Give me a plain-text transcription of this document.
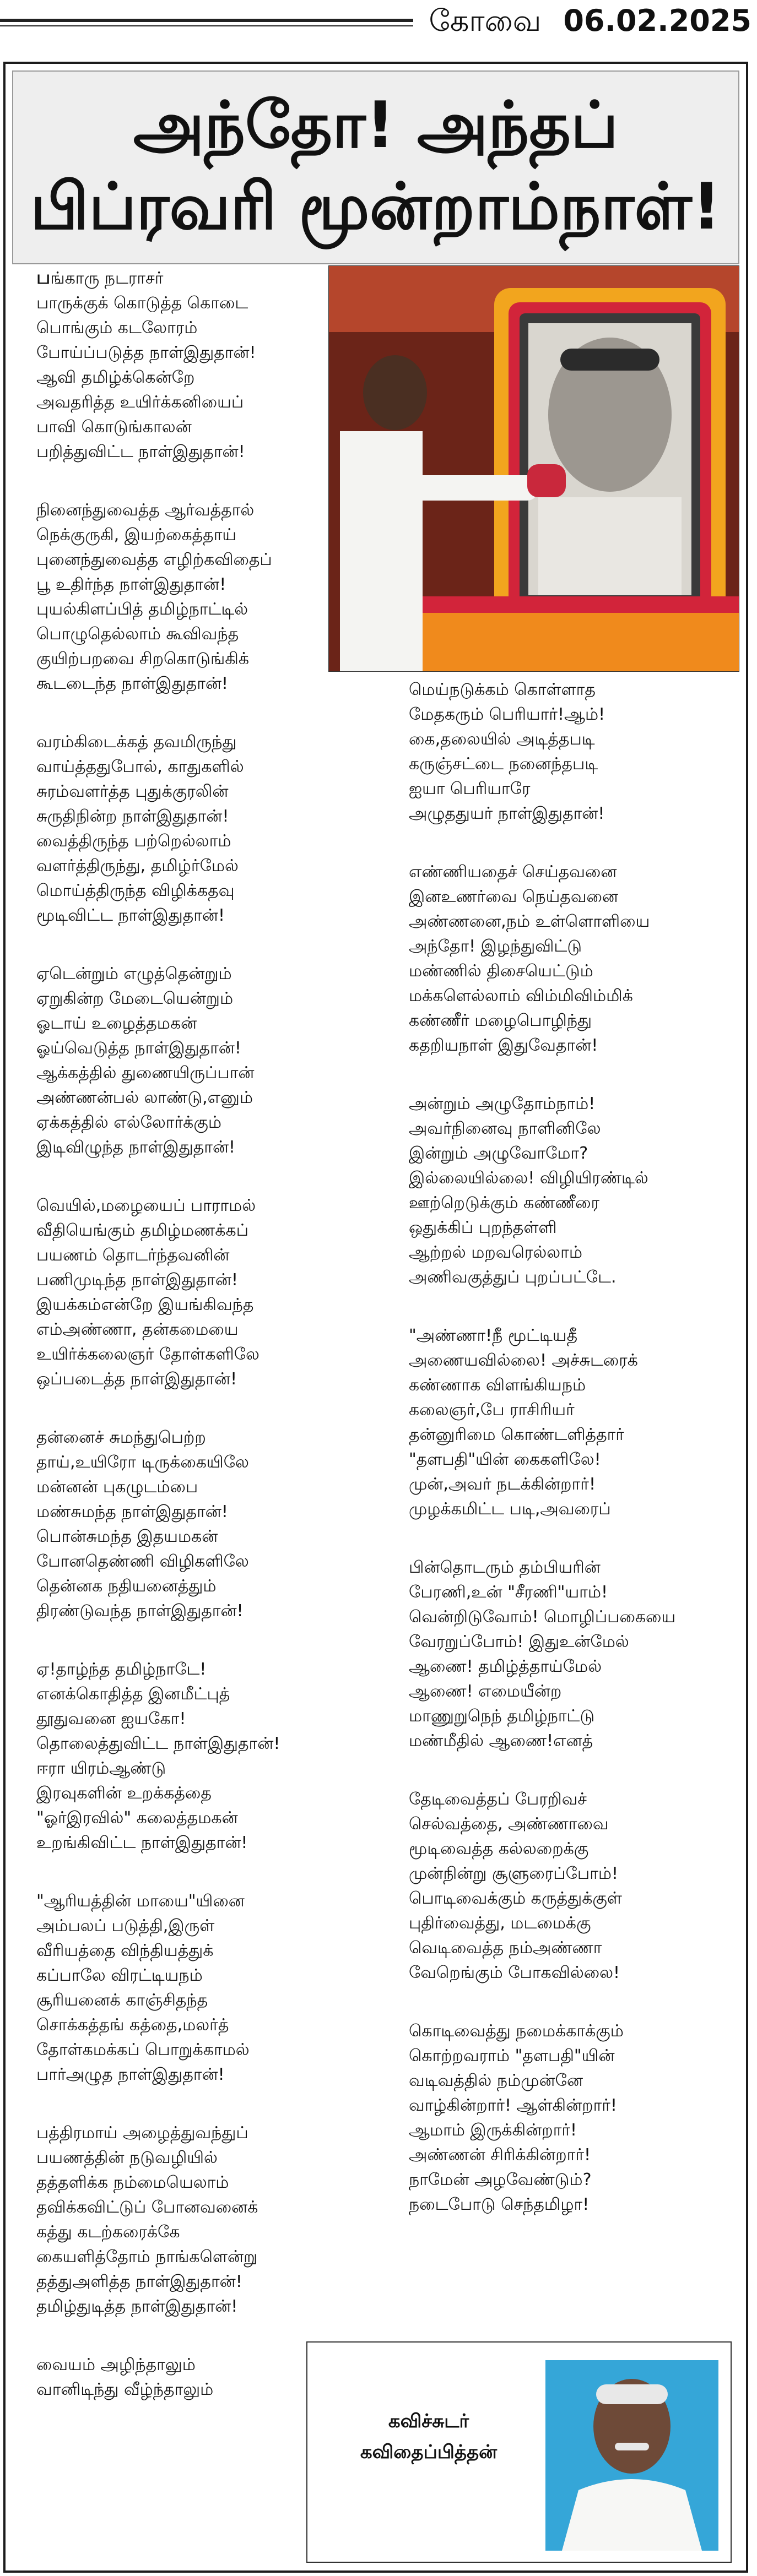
கோவை 06.02.2025
அந்தோ! அந்தப்
பிப்ரவரி மூன்றாம்நாள்!
பங்காரு நடராசர்
பாருக்குக் கொடுத்த கொடை
பொங்கும் கடலோரம்
போய்ப்படுத்த நாள்இதுதான்!
ஆவி தமிழ்க்கென்றே
அவதரித்த உயிர்க்கனியைப்
பாவி கொடுங்காலன்
பறித்துவிட்ட நாள்இதுதான்!
நினைந்துவைத்த ஆர்வத்தால்
நெக்குருகி, இயற்கைத்தாய்
புனைந்துவைத்த எழிற்கவிதைப்
பூ உதிர்ந்த நாள்இதுதான்!
புயல்கிளப்பித் தமிழ்நாட்டில்
பொழுதெல்லாம் கூவிவந்த
குயிற்பறவை சிறகொடுங்கிக்
கூடடைந்த நாள்இதுதான்!
வரம்கிடைக்கத் தவமிருந்து
வாய்த்ததுபோல், காதுகளில்
சுரம்வளர்த்த புதுக்குரலின்
சுருதிநின்ற நாள்இதுதான்!
வைத்திருந்த பற்றெல்லாம்
வளர்த்திருந்து, தமிழ்ர்மேல்
மொய்த்திருந்த விழிக்கதவு
மூடிவிட்ட நாள்இதுதான்!
ஏடென்றும் எழுத்தென்றும்
ஏறுகின்ற மேடையென்றும்
ஓடாய் உழைத்தமகன்
ஓய்வெடுத்த நாள்இதுதான்!
ஆக்கத்தில் துணையிருப்பான்
அண்ணன்பல் லாண்டு,எனும்
ஏக்கத்தில் எல்லோர்க்கும்
இடிவிழுந்த நாள்இதுதான்!
வெயில்,மழையைப் பாராமல்
வீதியெங்கும் தமிழ்மணக்கப்
பயணம் தொடர்ந்தவனின்
பணிமுடிந்த நாள்இதுதான்!
இயக்கம்என்றே இயங்கிவந்த
எம்அண்ணா, தன்கமையை
உயிர்க்கலைஞர் தோள்களிலே
ஒப்படைத்த நாள்இதுதான்!
தன்னைச் சுமந்துபெற்ற
தாய்,உயிரோ டிருக்கையிலே
மன்னன் புகழுடம்பை
மண்சுமந்த நாள்இதுதான்!
பொன்சுமந்த இதயமகன்
போனதெண்ணி விழிகளிலே
தென்னக நதியனைத்தும்
திரண்டுவந்த நாள்இதுதான்!
ஏ!தாழ்ந்த தமிழ்நாடே!
எனக்கொதித்த இனமீட்புத்
தூதுவனை ஐயகோ!
தொலைத்துவிட்ட நாள்இதுதான்!
ஈரா யிரம்ஆண்டு
இரவுகளின் உறக்கத்தை
"ஓர்இரவில்" கலைத்தமகன்
உறங்கிவிட்ட நாள்இதுதான்!
"ஆரியத்தின் மாயை"யினை
அம்பலப் படுத்தி,இருள்
வீரியத்தை விந்தியத்துக்
கப்பாலே விரட்டியநம்
சூரியனைக் காஞ்சிதந்த
சொக்கத்தங் கத்தை,மலர்த்
தோள்கமக்கப் பொறுக்காமல்
பார்அழுத நாள்இதுதான்!
பத்திரமாய் அழைத்துவந்துப்
பயணத்தின் நடுவழியில்
தத்தளிக்க நம்மையெலாம்
தவிக்கவிட்டுப் போனவனைக்
கத்து கடற்கரைக்கே
கையளித்தோம் நாங்களென்று
தத்துஅளித்த நாள்இதுதான்!
தமிழ்துடித்த நாள்இதுதான்!
வையம் அழிந்தாலும்
வானிடிந்து வீழ்ந்தாலும்
மெய்நடுக்கம் கொள்ளாத
மேதகரும் பெரியார்!ஆம்!
கை,தலையில் அடித்தபடி
கருஞ்சட்டை நனைந்தபடி
ஐயா பெரியாரே
அழுததுயர் நாள்இதுதான்!
எண்ணியதைச் செய்தவனை
இனஉணர்வை நெய்தவனை
அண்ணனை,நம் உள்ளொளியை
அந்தோ! இழந்துவிட்டு
மண்ணில் திசையெட்டும்
மக்களெல்லாம் விம்மிவிம்மிக்
கண்ணீர் மழைபொழிந்து
கதறியநாள் இதுவேதான்!
அன்றும் அழுதோம்நாம்!
அவர்நினைவு நாளினிலே
இன்றும் அழுவோமோ?
இல்லையில்லை! விழியிரண்டில்
ஊற்றெடுக்கும் கண்ணீரை
ஒதுக்கிப் புறந்தள்ளி
ஆற்றல் மறவரெல்லாம்
அணிவகுத்துப் புறப்பட்டே.
"அண்ணா!நீ மூட்டியதீ
அணையவில்லை! அச்சுடரைக்
கண்ணாக விளங்கியநம்
கலைஞர்,பே ராசிரியர்
தன்னுரிமை கொண்டளித்தார்
"தளபதி"யின் கைகளிலே!
முன்,அவர் நடக்கின்றார்!
முழக்கமிட்ட படி,அவரைப்
பின்தொடரும் தம்பியரின்
பேரணி,உன் "சீரணி"யாம்!
வென்றிடுவோம்! மொழிப்பகையை
வேரறுப்போம்! இதுஉன்மேல்
ஆணை! தமிழ்த்தாய்மேல்
ஆணை! எமையீன்ற
மாணுறுநெந் தமிழ்நாட்டு
மண்மீதில் ஆணை!எனத்
தேடிவைத்தப் பேரறிவச்
செல்வத்தை, அண்ணாவை
மூடிவைத்த கல்லறைக்கு
முன்நின்று சூளுரைப்போம்!
பொடிவைக்கும் கருத்துக்குள்
புதிர்வைத்து, மடமைக்கு
வெடிவைத்த நம்அண்ணா
வேறெங்கும் போகவில்லை!
கொடிவைத்து நமைக்காக்கும்
கொற்றவராம் "தளபதி"யின்
வடிவத்தில் நம்முன்னே
வாழ்கின்றார்! ஆள்கின்றார்!
ஆமாம் இருக்கின்றார்!
அண்ணன் சிரிக்கின்றார்!
நாமேன் அழவேண்டும்?
நடைபோடு செந்தமிழா!
கவிச்சுடர்
கவிதைப்பித்தன்
